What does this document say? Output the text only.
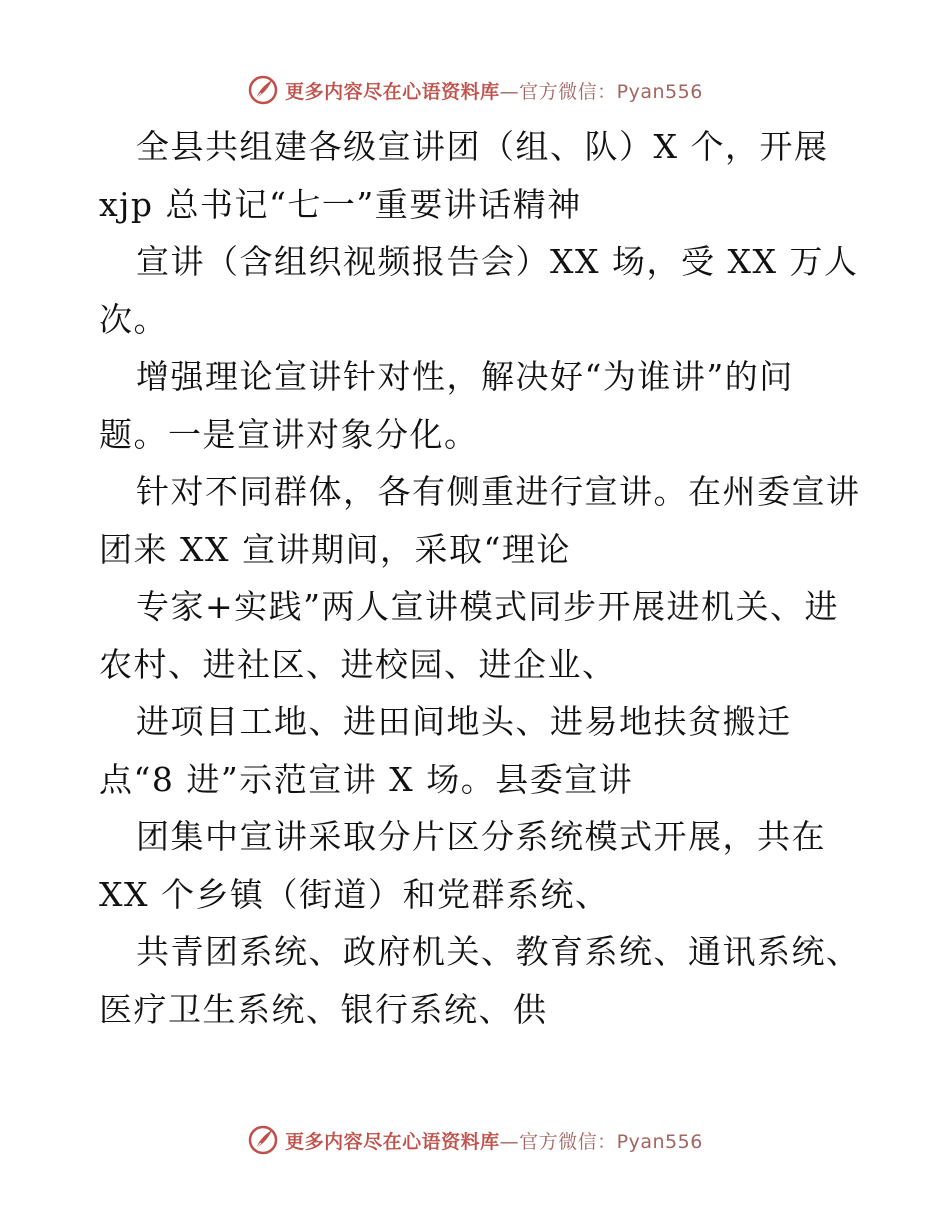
更多内容尽在心语资料库—官方微信：Pyan556
全县共组建各级宣讲团（组、队）X 个，开展
xjp 总书记“七一”重要讲话精神
宣讲（含组织视频报告会）XX 场，受 XX 万人
次。
增强理论宣讲针对性，解决好“为谁讲”的问
题。一是宣讲对象分化。
针对不同群体，各有侧重进行宣讲。在州委宣讲
团来 XX 宣讲期间，采取“理论
专家+实践”两人宣讲模式同步开展进机关、进
农村、进社区、进校园、进企业、
进项目工地、进田间地头、进易地扶贫搬迁
点“8 进”示范宣讲 X 场。县委宣讲
团集中宣讲采取分片区分系统模式开展，共在
XX 个乡镇（街道）和党群系统、
共青团系统、政府机关、教育系统、通讯系统、
医疗卫生系统、银行系统、供
更多内容尽在心语资料库—官方微信：Pyan556
